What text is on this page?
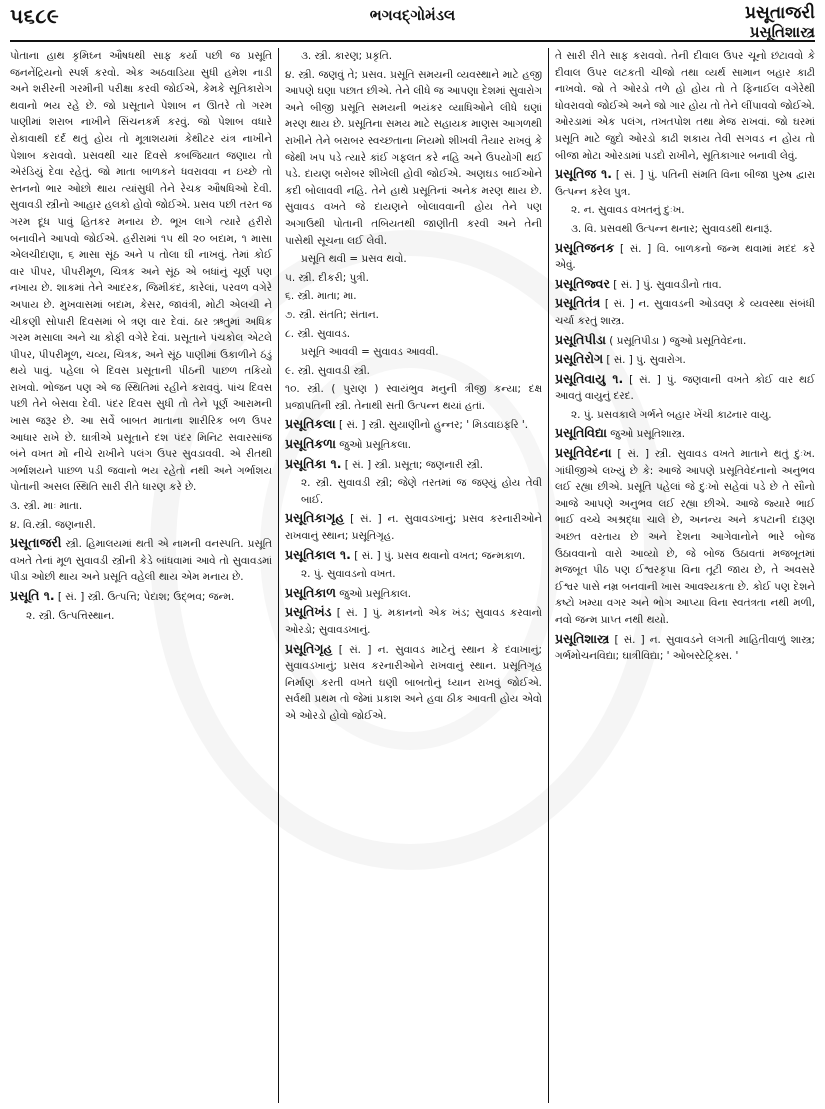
૫૬૮૯	ભગવદ્ગોમંડલ	પ્રસૂતાજરી
પ્રસૂતિશાસ્ત્ર
પોતાના હાથ કૃમિઘ્ન ઔષધથી સાફ કર્યા પછી જ પ્રસૂતિ જનનેંદ્રિયનો સ્પર્શ કરવો. એક અઠવાડિયા સુધી હમેશ નાડી અને શરીરની ગરમીની પરીક્ષા કરવી જોઈએ, કેમકે સૂતિકારોગ થવાનો ભય રહે છે. જો પ્રસૂતાને પેશાબ ન ઊતરે તો ગરમ પાણીમાં શરાબ નાખીને સિંચનકર્મ કરવું. જો પેશાબ વધારે રોકાવાથી દર્દ થતું હોય તો મૂત્રાશયમાં કેથીટર યંત્ર નાખીને પેશાબ કરાવવો. પ્રસવથી ચાર દિવસે કબજિયાત જણાય તો એરંડિયું દેવા રહેતું. જો માતા બાળકને ધવરાવવા ન ઇચ્છે તો સ્તનનો ભાર ઓછો થાય ત્યાંસુધી તેને રેચક ઔષધિઓ દેવી. સુવાવડી સ્ત્રીનો આહાર હલકો હોવો જોઈએ. પ્રસવ પછી તરત જ ગરમ દૂધ પાવું હિતકર મનાય છે. ભૂખ લાગે ત્યારે હરીરો બનાવીને આપવો જોઈએ. હરીરામાં ૧૫ થી ૨૦ બદામ, ૧ માસા એલચીદાણા, ૬ માસા સૂંઠ અને ૫ તોલા ઘી નાખવું. તેમાં કોઈ વાર પીપર, પીપરીમૂળ, ચિત્રક અને સૂંઠ એ બધાંનું ચૂર્ણ પણ નખાય છે. શાકમાં તેને આદરક, જિમીકંદ, કારેલાં, પરવળ વગેરે અપાય છે. મુખવાસમાં બદામ, કેસર, જાવંત્રી, મોટી એલચી ને ચીકણી સોપારી દિવસમાં બે ત્રણ વાર દેવાં. ઠાર ઋતુમાં અધિક ગરમ મસાલા અને ચા કોફી વગેરે દેવાં. પ્રસૂતાને પંચકોલ એટલે પીપર, પીપરીમૂળ, ચવ્ય, ચિત્રક, અને સૂંઠ પાણીમાં ઉકાળીને ઠંડું થયે પાવું. પહેલા બે દિવસ પ્રસૂતાની પીઠની પાછળ તકિયો રાખવો. ભોજન પણ એ જ સ્થિતિમાં રહીને કરાવવું. પાંચ દિવસ પછી તેને બેસવા દેવી. પંદર દિવસ સુધી તો તેને પૂર્ણ આરામની ખાસ જરૂર છે. આ સર્વે બાબત માતાના શારીરિક બળ ઉપર આધાર રાખે છે. ઘાત્રીએ પ્રસૂતાને દશ પંદર મિનિટ સવારસાંજ બંને વખત મોં નીચે રાખીને પલંગ ઉપર સુવડાવવી. એ રીતથી ગર્ભાશયને પાછળ પડી જવાનો ભય રહેતો નથી અને ગર્ભાશય પોતાની અસલ સ્થિતિ સારી રીતે ધારણ કરે છે.
૩. સ્ત્રી. માઃ માતા.
૪. વિ.સ્ત્રી. જણનારી.
પ્રસૂતાજરી સ્ત્રી. હિમાલયમાં થતી એ નામની વનસ્પતિ. પ્રસૂતિ વખતે તેનાં મૂળ સુવાવડી સ્ત્રીની કેડે બાંધવામાં આવે તો સુવાવડમાં પીડા ઓછી થાય અને પ્રસૂતિ વહેલી થાય એમ મનાય છે.
પ્રસૂતિ ૧. [ સં. ] સ્ત્રી. ઉત્પત્તિ; પેદાશ; ઉદ્ભવ; જન્મ.
૨. સ્ત્રી. ઉત્પત્તિસ્થાન.
૩. સ્ત્રી. કારણ; પ્રકૃતિ.
૪. સ્ત્રી. જણવું તે; પ્રસવ. પ્રસૂતિ સમયની વ્યવસ્થાને માટે હજી આપણે ઘણા પછાત છીએ. તેને લીધે જ આપણા દેશમાં સુવારોગ અને બીજી પ્રસૂતિ સમયની ભયંકર વ્યાધિઓને લીધે ઘણાં મરણ થાય છે. પ્રસૂતિના સમય માટે સહાયક માણસ આગળથી રાખીને તેને બરાબર સ્વચ્છતાના નિયમો શીખવી તૈયાર રાખવું કે જેથી ખપ પડે ત્યારે કાંઈ ગફલત કરે નહિ અને ઉપયોગી થઈ પડે. દાયણ બરોબર શીખેલી હોવી જોઈએ. અણઘડ બાઈઓને કદી બોલાવવી નહિ. તેને હાથે પ્રસૂતિનાં અનેક મરણ થાય છે. સુવાવડ વખતે જે દાયણને બોલાવવાની હોય તેને પણ અગાઉથી પોતાની તબિયતથી જાણીતી કરવી અને તેની પાસેથી સૂચના લઈ લેવી.
પ્રસૂતિ થવી = પ્રસવ થવો.
૫. સ્ત્રી. દીકરી; પુત્રી.
૬. સ્ત્રી. માતા; મા.
૭. સ્ત્રી. સંતતિ; સંતાન.
૮. સ્ત્રી. સુવાવડ.
પ્રસૂતિ આવવી = સુવાવડ આવવી.
૯. સ્ત્રી. સુવાવડી સ્ત્રી.
૧૦. સ્ત્રી. ( પુરાણ ) સ્વાયંભુવ મનુની ત્રીજી કન્યા; દક્ષ પ્રજાપતિની સ્ત્રી. તેનાથી સતી ઉત્પન્ન થયાં હતાં.
પ્રસૂતિકલા [ સં. ] સ્ત્રી. સુયાણીનો હુન્નર; ' મિડવાઇફરિ '.
પ્રસૂતિકળા જુઓ પ્રસૂતિકલા.
પ્રસૂતિકા ૧. [ સં. ] સ્ત્રી. પ્રસૂતા; જણનારી સ્ત્રી.
૨. સ્ત્રી. સુવાવડી સ્ત્રી; જેણે તરતમાં જ જણ્યું હોય તેવી બાઈ.
પ્રસૂતિકાગૃહ [ સં. ] ન. સુવાવડખાનું; પ્રસવ કરનારીઓને રાખવાનું સ્થાન; પ્રસૂતિગૃહ.
પ્રસૂતિકાલ ૧. [ સં. ] પું. પ્રસવ થવાનો વખત; જન્મકાળ.
૨. પું. સુવાવડનો વખત.
પ્રસૂતિકાળ જુઓ પ્રસૂતિકાલ.
પ્રસૂતિખંડ [ સં. ] પું. મકાનનો એક ખંડ; સુવાવડ કરવાનો ઓરડો; સુવાવડખાનું.
પ્રસૂતિગૃહ [ સં. ] ન. સુવાવડ માટેનું સ્થાન કે દવાખાનું; સુવાવડખાનું; પ્રસવ કરનારીઓને રાખવાનું સ્થાન. પ્રસૂતિગૃહ નિર્માણ કરતી વખતે ઘણી બાબતોનું ધ્યાન રાખવું જોઈએ. સર્વથી પ્રથમ તો જેમાં પ્રકાશ અને હવા ઠીક આવતી હોય એવો એ ઓરડો હોવો જોઈએ.
તે સારી રીતે સાફ કરાવવો. તેની દીવાલ ઉપર ચૂનો છંટાવવો કે દીવાલ ઉપર લટકતી ચીજો તથા વ્યર્થ સામાન બહાર કાઢી નાખવો. જો તે ઓરડો તળે હો હોય તો તે ફિનાઈલ વગેરેથી ધોવરાવવો જોઈએ અને જો ગાર હોય તો તેને લીંપાવવો જોઈએ. ઓરડામાં એક પલંગ, તખતપોશ તથા મેજ રાખવાં. જો ઘરમાં પ્રસૂતિ માટે જુદો ઓરડો કાઢી શકાય તેવી સગવડ ન હોય તો બીજા મોટા ઓરડામાં પડદો રાખીને, સૂતિકાગાર બનાવી લેવું.
પ્રસૂતિજ ૧. [ સં. ] પું. પતિની સંમતિ વિના બીજા પુરુષ દ્વારા ઉત્પન્ન કરેલ પુત્ર.
૨. ન. સુવાવડ વખતનું દુઃખ.
૩. વિ. પ્રસવથી ઉત્પન્ન થનાર; સુવાવડથી થનારૂં.
પ્રસૂતિજનક [ સં. ] વિ. બાળકનો જન્મ થવામાં મદદ કરે એવું.
પ્રસૂતિજ્વર [ સં. ] પું. સુવાવડીનો તાવ.
પ્રસૂતિતંત્ર [ સં. ] ન. સુવાવડની ઓડવણ કે વ્યવસ્થા સંબંધી ચર્ચા કરતું શાસ્ત્ર.
પ્રસૂતિપીડા ( પ્રસૂતિપીડા ) જુઓ પ્રસૂતિવેદના.
પ્રસૂતિરોગ [ સં. ] પું. સુવારોગ.
પ્રસૂતિવાયુ ૧. [ સં. ] પું. જણવાની વખતે કોઈ વાર થઈ આવતું વાયુનું દરદ.
૨. પું. પ્રસવકાલે ગર્ભને બહાર ખેંચી કાઢનાર વાયુ.
પ્રસૂતિવિદ્યા જુઓ પ્રસૂતિશાસ્ત્ર.
પ્રસૂતિવેદના [ સં. ] સ્ત્રી. સુવાવડ વખતે માતાને થતું દુઃખ. ગાંધીજીએ લખ્યું છે કે: આજે આપણે પ્રસૂતિવેદનાનો અનુભવ લઈ રહ્યા છીએ. પ્રસૂતિ પહેલાં જે દુઃખો સહેવાં પડે છે તે સૌનો આજે આપણે અનુભવ લઈ રહ્યા છીએ. આજે જ્યારે ભાઈ ભાઈ વચ્ચે અશ્રદ્ધા ચાલે છે, અનન્ય અને કપટાની દારૂણ અછત વરતાય છે અને દેશના આગેવાનોને ભારે બોજ ઉઠાવવાનો વારો આવ્યો છે, જે બોજ ઉઠાવતાં મજબૂતમાં મજબૂત પીઠ પણ ઈશ્વરકૃપા વિના તૂટી જાય છે, તે અવસરે ઈશ્વર પાસે નમ્ર બનવાની ખાસ આવશ્યકતા છે. કોઈ પણ દેશને કષ્ટો ખમ્યા વગર અને ભોગ આપ્યા વિના સ્વતંત્રતા નથી મળી, નવો જન્મ પ્રાપ્ત નથી થયો.
પ્રસૂતિશાસ્ત્ર [ સં. ] ન. સુવાવડને લગતી માહિતીવાળું શાસ્ત્ર; ગર્ભમોચનવિદ્યા; ઘાત્રીવિદ્યા; ' ઓબસ્ટેટ્રિક્સ. '
